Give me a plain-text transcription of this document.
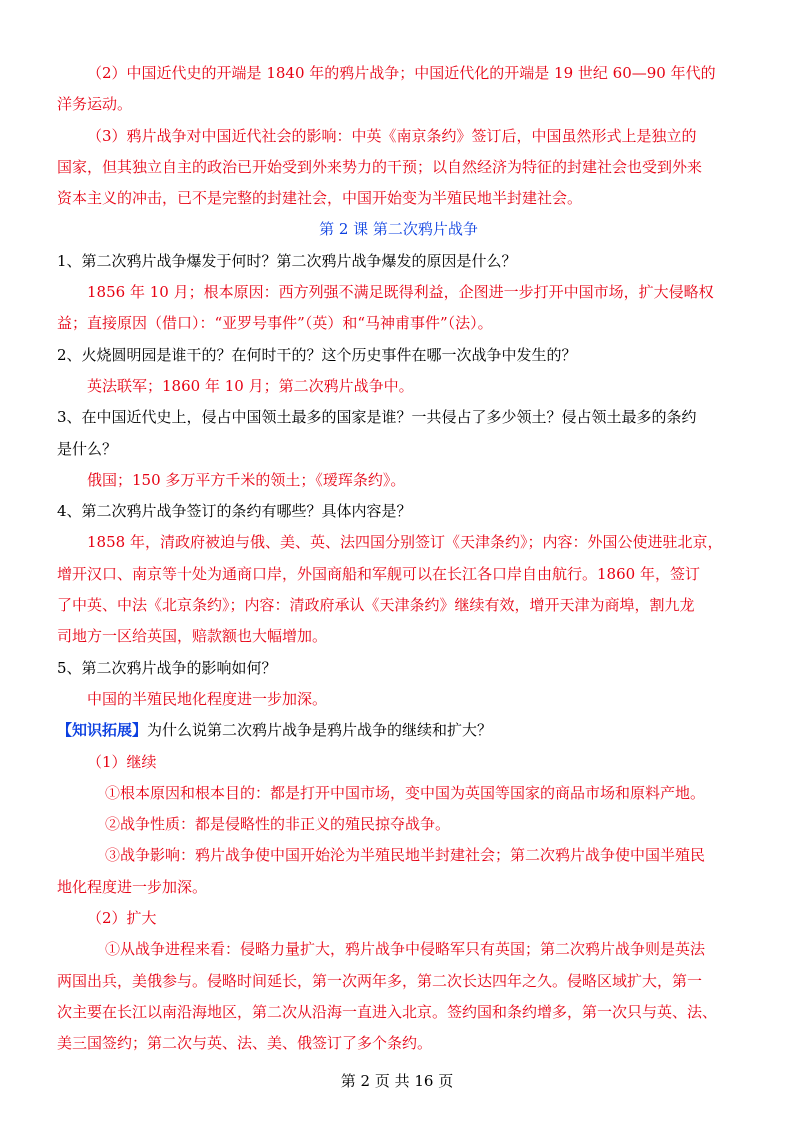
（2）中国近代史的开端是 1840 年的鸦片战争；中国近代化的开端是 19 世纪 60—90 年代的
洋务运动。
（3）鸦片战争对中国近代社会的影响：中英《南京条约》签订后，中国虽然形式上是独立的
国家，但其独立自主的政治已开始受到外来势力的干预；以自然经济为特征的封建社会也受到外来
资本主义的冲击，已不是完整的封建社会，中国开始变为半殖民地半封建社会。
第 2 课 第二次鸦片战争
1、第二次鸦片战争爆发于何时？第二次鸦片战争爆发的原因是什么？
1856 年 10 月；根本原因：西方列强不满足既得利益，企图进一步打开中国市场，扩大侵略权
益；直接原因（借口）：“亚罗号事件”（英）和“马神甫事件”（法）。
2、火烧圆明园是谁干的？在何时干的？这个历史事件在哪一次战争中发生的？
英法联军；1860 年 10 月；第二次鸦片战争中。
3、在中国近代史上，侵占中国领土最多的国家是谁？一共侵占了多少领土？侵占领土最多的条约
是什么？
俄国；150 多万平方千米的领土；《瑷珲条约》。
4、第二次鸦片战争签订的条约有哪些？具体内容是？
1858 年，清政府被迫与俄、美、英、法四国分别签订《天津条约》；内容：外国公使进驻北京，
增开汉口、南京等十处为通商口岸，外国商船和军舰可以在长江各口岸自由航行。1860 年，签订
了中英、中法《北京条约》；内容：清政府承认《天津条约》继续有效，增开天津为商埠，割九龙
司地方一区给英国，赔款额也大幅增加。
5、第二次鸦片战争的影响如何？
中国的半殖民地化程度进一步加深。
【知识拓展】为什么说第二次鸦片战争是鸦片战争的继续和扩大？
（1）继续
①根本原因和根本目的：都是打开中国市场，变中国为英国等国家的商品市场和原料产地。
②战争性质：都是侵略性的非正义的殖民掠夺战争。
③战争影响：鸦片战争使中国开始沦为半殖民地半封建社会；第二次鸦片战争使中国半殖民
地化程度进一步加深。
（2）扩大
①从战争进程来看：侵略力量扩大，鸦片战争中侵略军只有英国；第二次鸦片战争则是英法
两国出兵，美俄参与。侵略时间延长，第一次两年多，第二次长达四年之久。侵略区域扩大，第一
次主要在长江以南沿海地区，第二次从沿海一直进入北京。签约国和条约增多，第一次只与英、法、
美三国签约；第二次与英、法、美、俄签订了多个条约。
第 2 页 共 16 页
